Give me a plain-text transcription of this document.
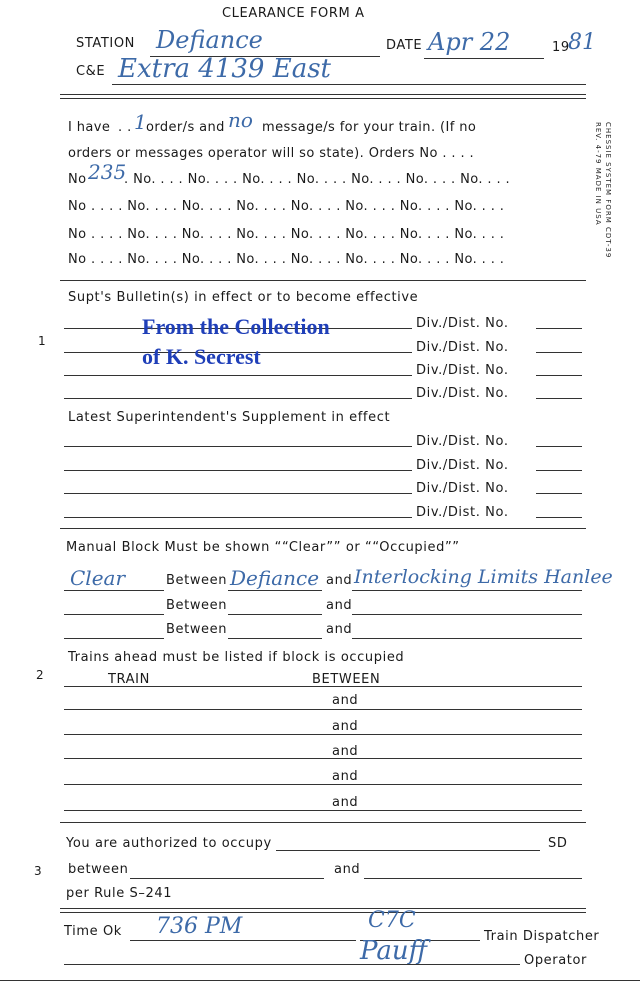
CLEARANCE FORM A
CHESSIE SYSTEM FORM CDT-39
REV. 4-79 MADE IN USA
STATION Defiance	DATE Apr 22	19
81
C&E Extra 4139 East
I have . . 1 order/s and no message/s for your train. (If no
orders or messages operator will so state). Orders No . . . .
No 235
. No. . . . No. . . . No. . . . No. . . . No. . . . No. . . . No. . . .
No . . . . No. . . . No. . . . No. . . . No. . . . No. . . . No. . . . No. . . .
No . . . . No. . . . No. . . . No. . . . No. . . . No. . . . No. . . . No. . . .
No . . . . No. . . . No. . . . No. . . . No. . . . No. . . . No. . . . No. . . .
Supt's Bulletin(s) in effect or to become effective
1
Div./Dist. No.
Div./Dist. No.
Div./Dist. No.
Div./Dist. No.
From the Collection
of K. Secrest
Latest Superintendent's Supplement in effect
Div./Dist. No.
Div./Dist. No.
Div./Dist. No.
Div./Dist. No.
Manual Block Must be shown ““Clear”” or ““Occupied””
Clear	Between Defiance and Interlocking Limits Hanlee
Between	and
Between	and
Trains ahead must be listed if block is occupied
2	TRAIN	BETWEEN
and
and
and
and
and
You are authorized to occupy	SD
3 between	and
per Rule S–241
Time Ok 736 PM	C7C
Train Dispatcher
Pauff	Operator
